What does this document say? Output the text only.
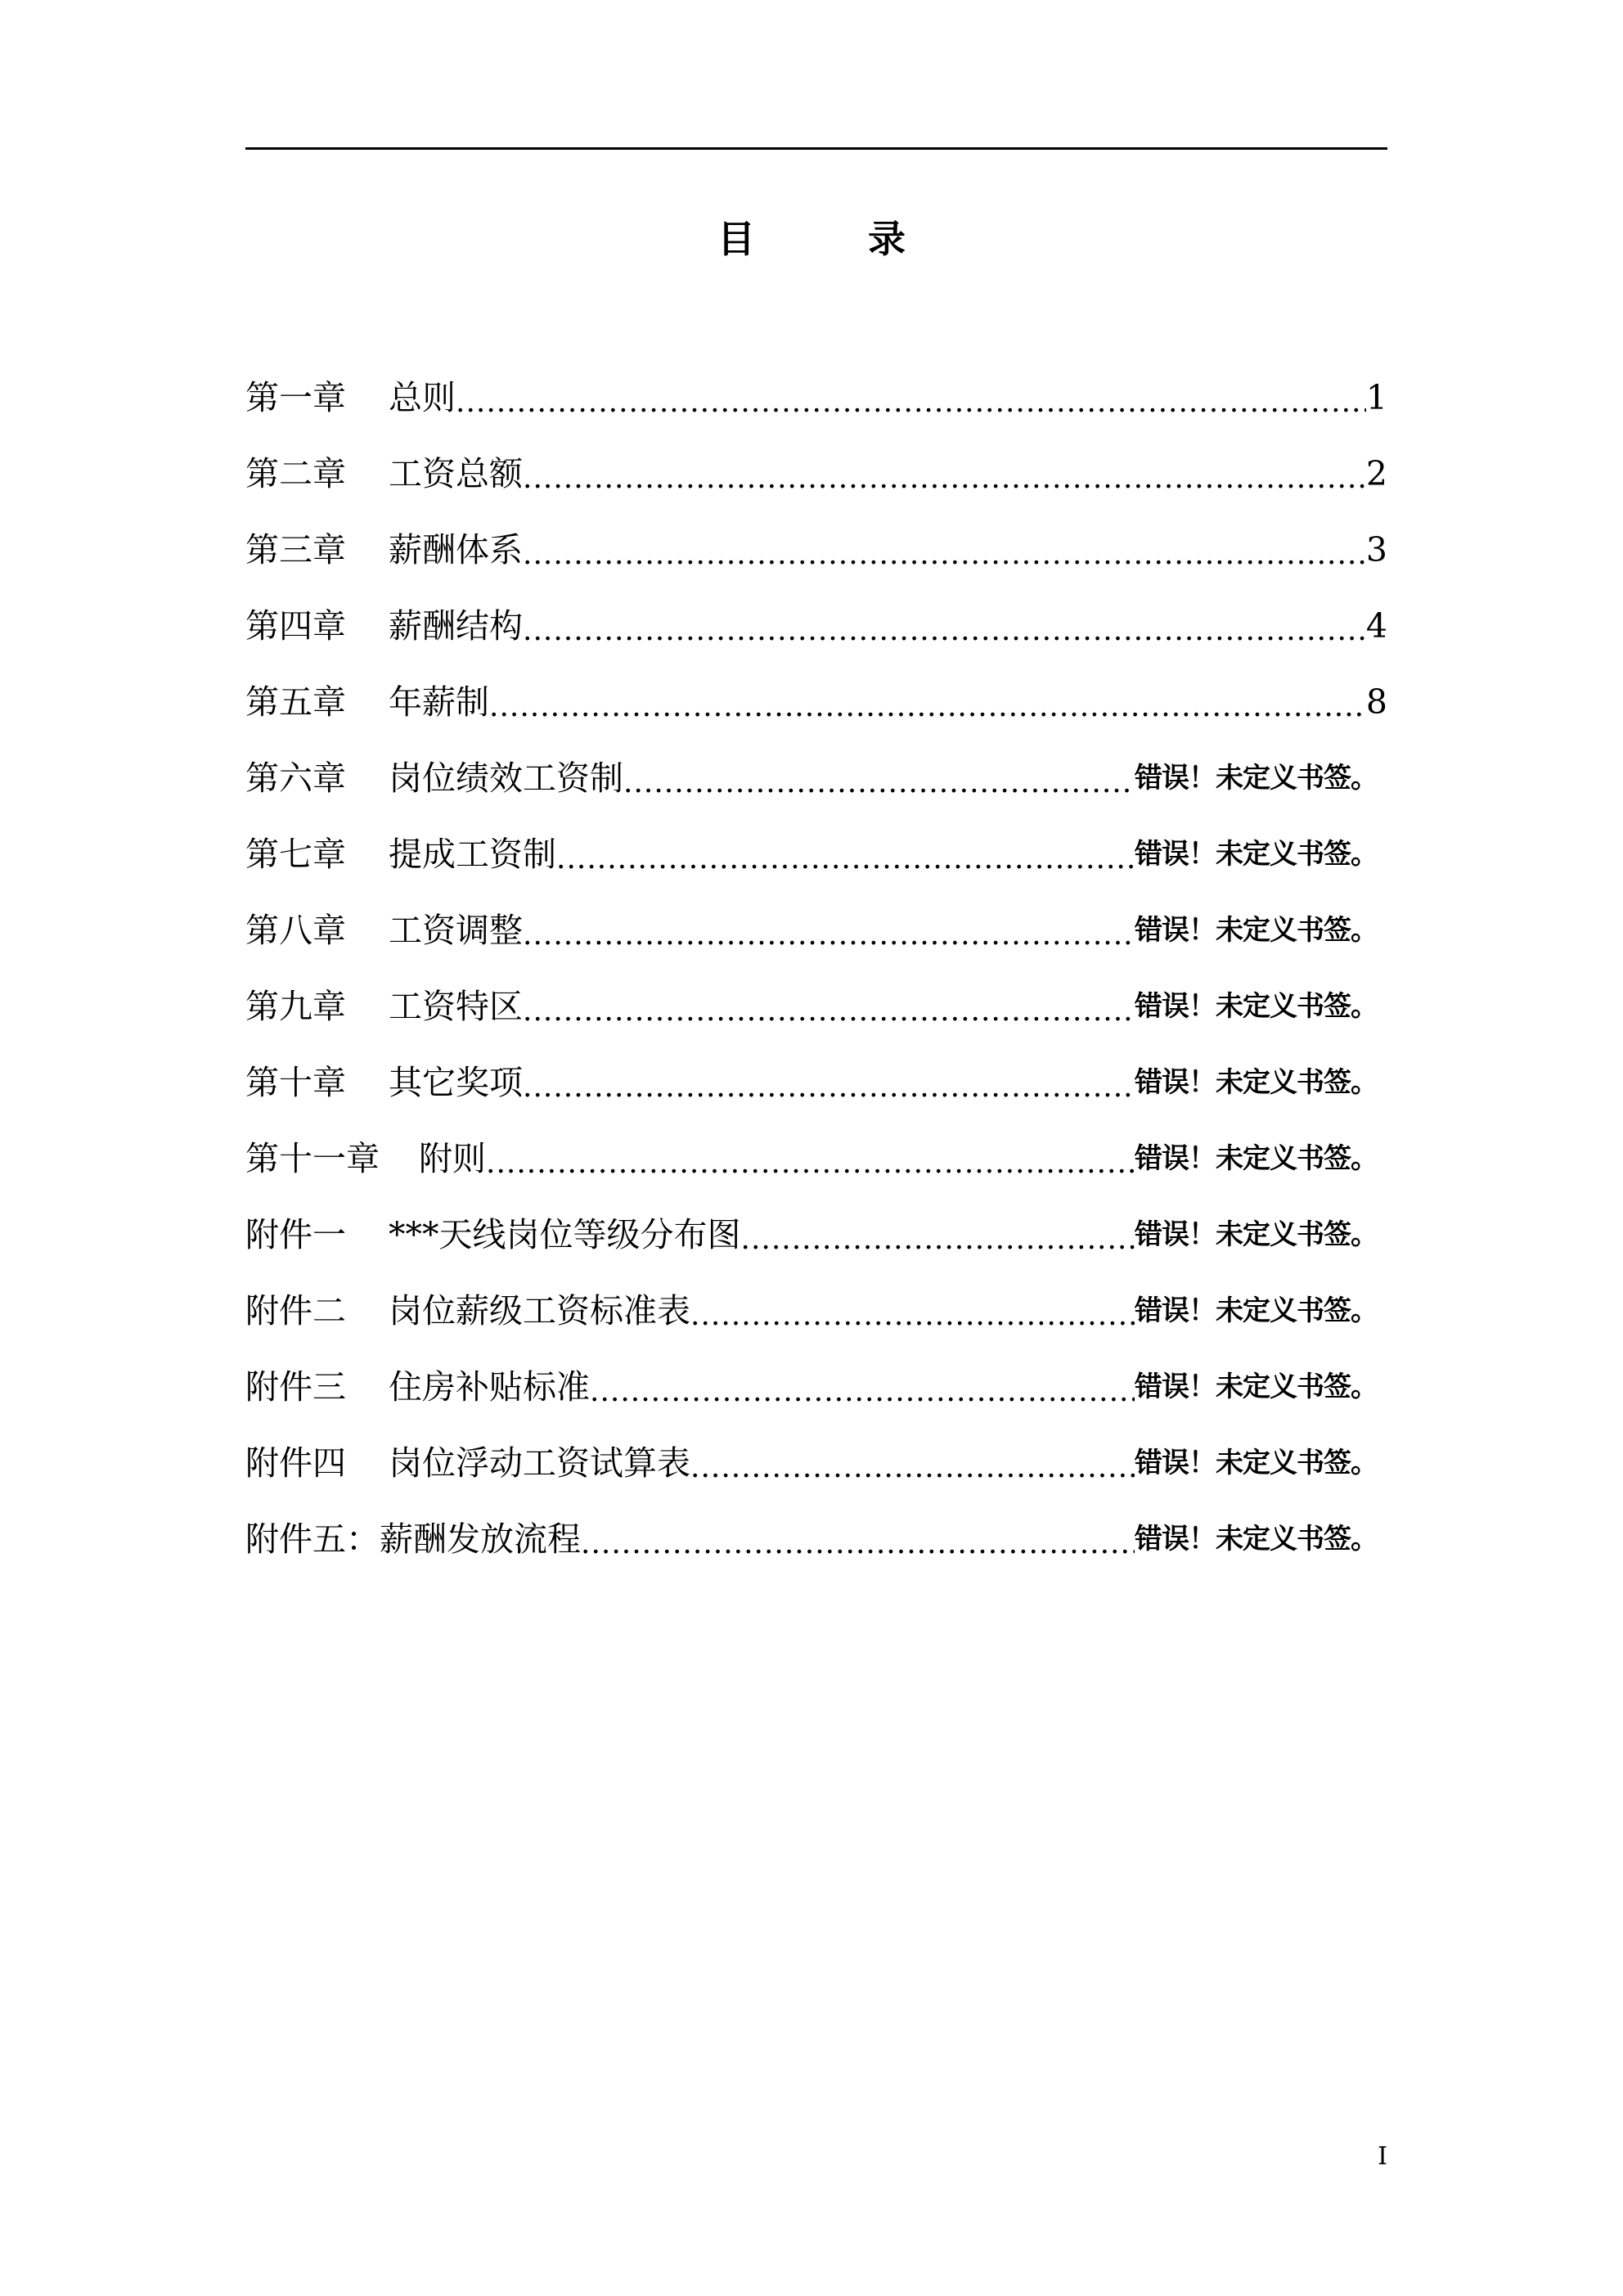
目　录
第一章 总则 .....	1
第二章 工资总额 .....	2
第三章 薪酬体系 .....	3
第四章 薪酬结构 .....	4
第五章 年薪制 .....	8
第六章 岗位绩效工资制 .....	错误！未定义书签。
第七章 提成工资制 .....	错误！未定义书签。
第八章 工资调整 .....	错误！未定义书签。
第九章 工资特区 .....	错误！未定义书签。
第十章 其它奖项 .....	错误！未定义书签。
第十一章 附则 .....	错误！未定义书签。
附件一 ***天线岗位等级分布图 .....	错误！未定义书签。
附件二 岗位薪级工资标准表 .....	错误！未定义书签。
附件三 住房补贴标准 .....	错误！未定义书签。
附件四 岗位浮动工资试算表 .....	错误！未定义书签。
附件五： 薪酬发放流程 .....	错误！未定义书签。
I
